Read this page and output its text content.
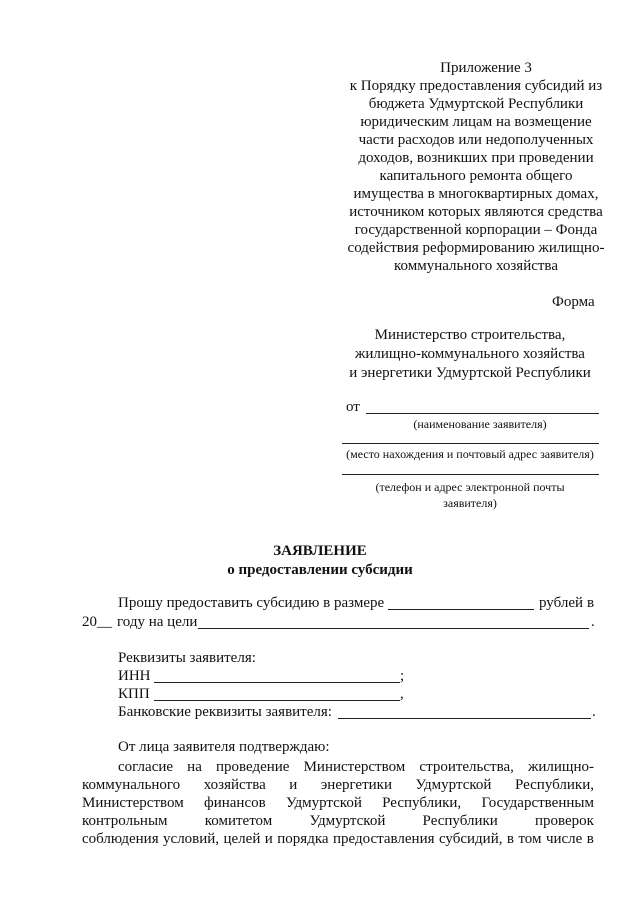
Приложение 3
к Порядку предоставления субсидий из
бюджета Удмуртской Республики
юридическим лицам на возмещение
части расходов или недополученных
доходов, возникших при проведении
капитального ремонта общего
имущества в многоквартирных домах,
источником которых являются средства
государственной корпорации – Фонда
содействия реформированию жилищно-
коммунального хозяйства
Форма
Министерство строительства,
жилищно-коммунального хозяйства
и энергетики Удмуртской Республики
от
(наименование заявителя)
(место нахождения и почтовый адрес заявителя)
(телефон и адрес электронной почты
заявителя)
ЗАЯВЛЕНИЕ
о предоставлении субсидии
Прошу предоставить субсидию в размере	рублей в
20__ году на цели	.
Реквизиты заявителя:
ИНН	;
КПП	,
Банковские реквизиты заявителя:	.
От лица заявителя подтверждаю:
согласие на проведение Министерством строительства, жилищно-
коммунального хозяйства и энергетики Удмуртской Республики,
Министерством финансов Удмуртской Республики, Государственным
контрольным комитетом Удмуртской Республики проверок
соблюдения условий, целей и порядка предоставления субсидий, в том числе в
